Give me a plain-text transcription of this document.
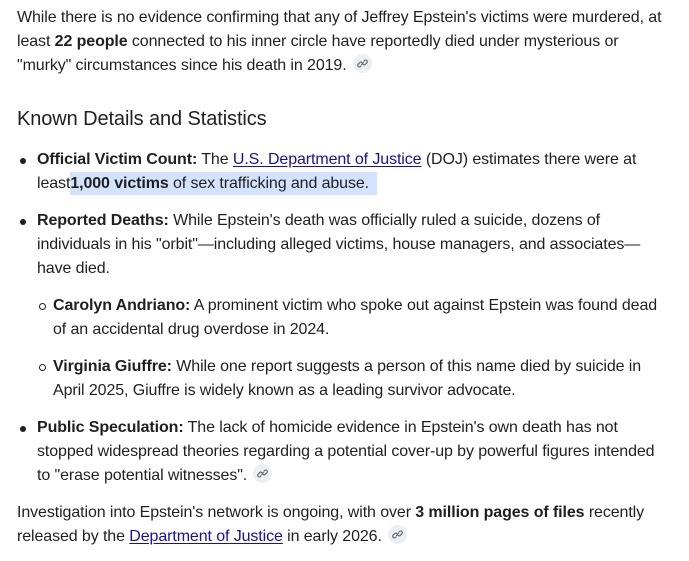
While there is no evidence confirming that any of Jeffrey Epstein's victims were murdered, at least 22 people connected to his inner circle have reportedly died under mysterious or "murky" circumstances since his death in 2019.

Known Details and Statistics
Official Victim Count: The U.S. Department of Justice (DOJ) estimates there were at least1,000 victims of sex trafficking and abuse.
Reported Deaths: While Epstein's death was officially ruled a suicide, dozens of individuals in his "orbit"—including alleged victims, house managers, and associates—have died.
Carolyn Andriano: A prominent victim who spoke out against Epstein was found dead of an accidental drug overdose in 2024.
Virginia Giuffre: While one report suggests a person of this name died by suicide in April 2025, Giuffre is widely known as a leading survivor advocate.
Public Speculation: The lack of homicide evidence in Epstein's own death has not stopped widespread theories regarding a potential cover-up by powerful figures intended to "erase potential witnesses".

Investigation into Epstein's network is ongoing, with over 3 million pages of files recently released by the Department of Justice in early 2026.
